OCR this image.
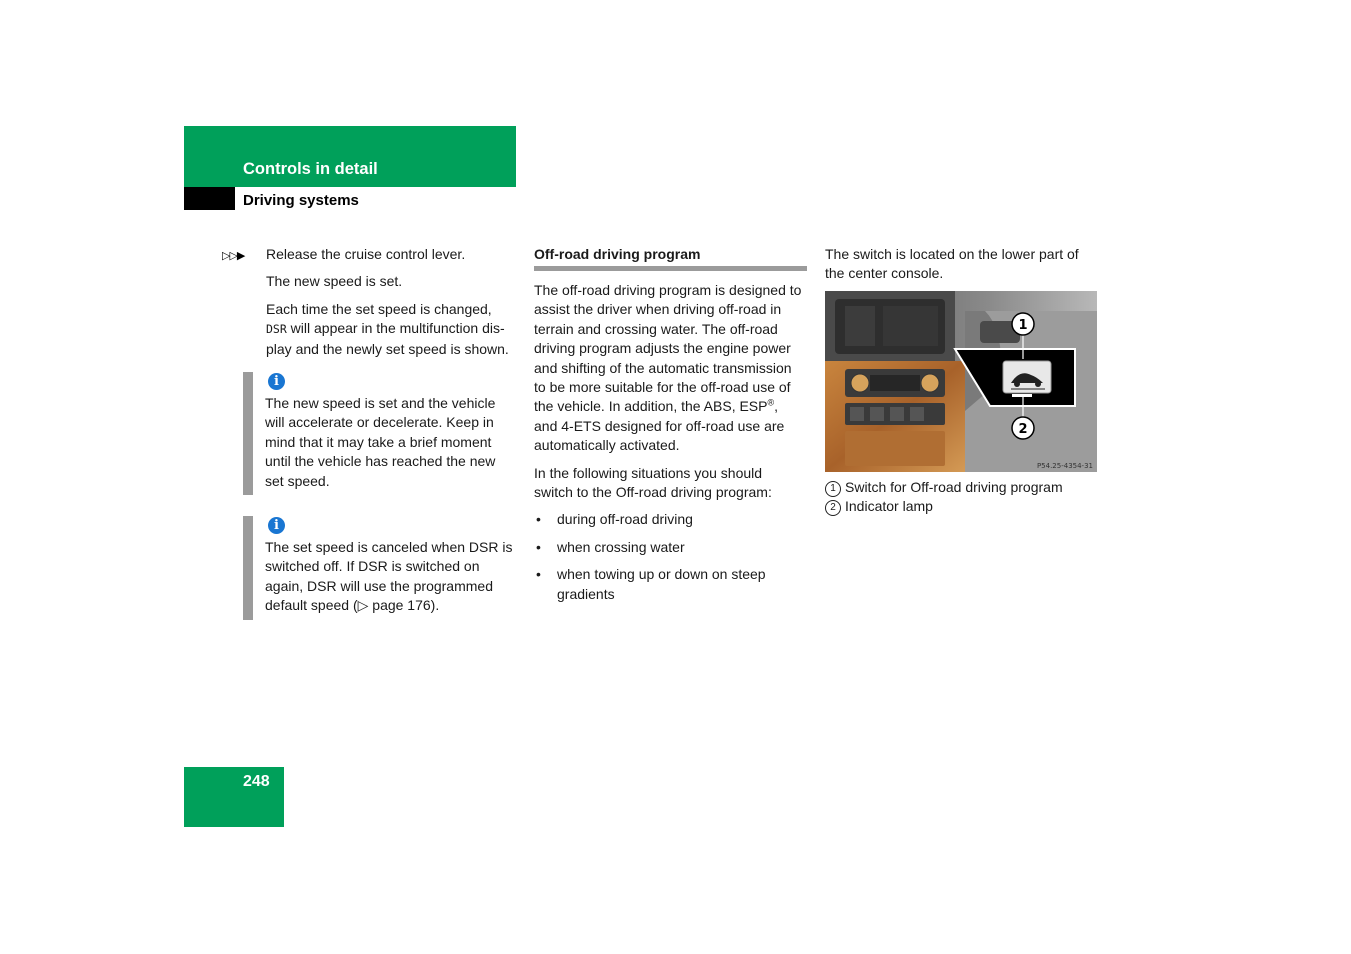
Controls in detail
Driving systems
▷▷▶ Release the cruise control lever.

The new speed is set.

Each time the set speed is changed,
DSR will appear in the multifunction dis-
play and the newly set speed is shown.

i
The new speed is set and the vehicle
will accelerate or decelerate. Keep in
mind that it may take a brief moment
until the vehicle has reached the new
set speed.
i
The set speed is canceled when DSR is
switched off. If DSR is switched on
again, DSR will use the programmed
default speed (▷ page 176).

Off-road driving program

The off-road driving program is designed to
assist the driver when driving off-road in
terrain and crossing water. The off-road
driving program adjusts the engine power
and shifting of the automatic transmission
to be more suitable for the off-road use of
the vehicle. In addition, the ABS, ESP®,
and 4-ETS designed for off-road use are
automatically activated.

In the following situations you should
switch to the Off-road driving program:

• during off-road driving
• when crossing water
• when towing up or down on steep gradients

The switch is located on the lower part of
the center console.

1
2
P54.25-4354-31

1 Switch for Off-road driving program

2 Indicator lamp

248
